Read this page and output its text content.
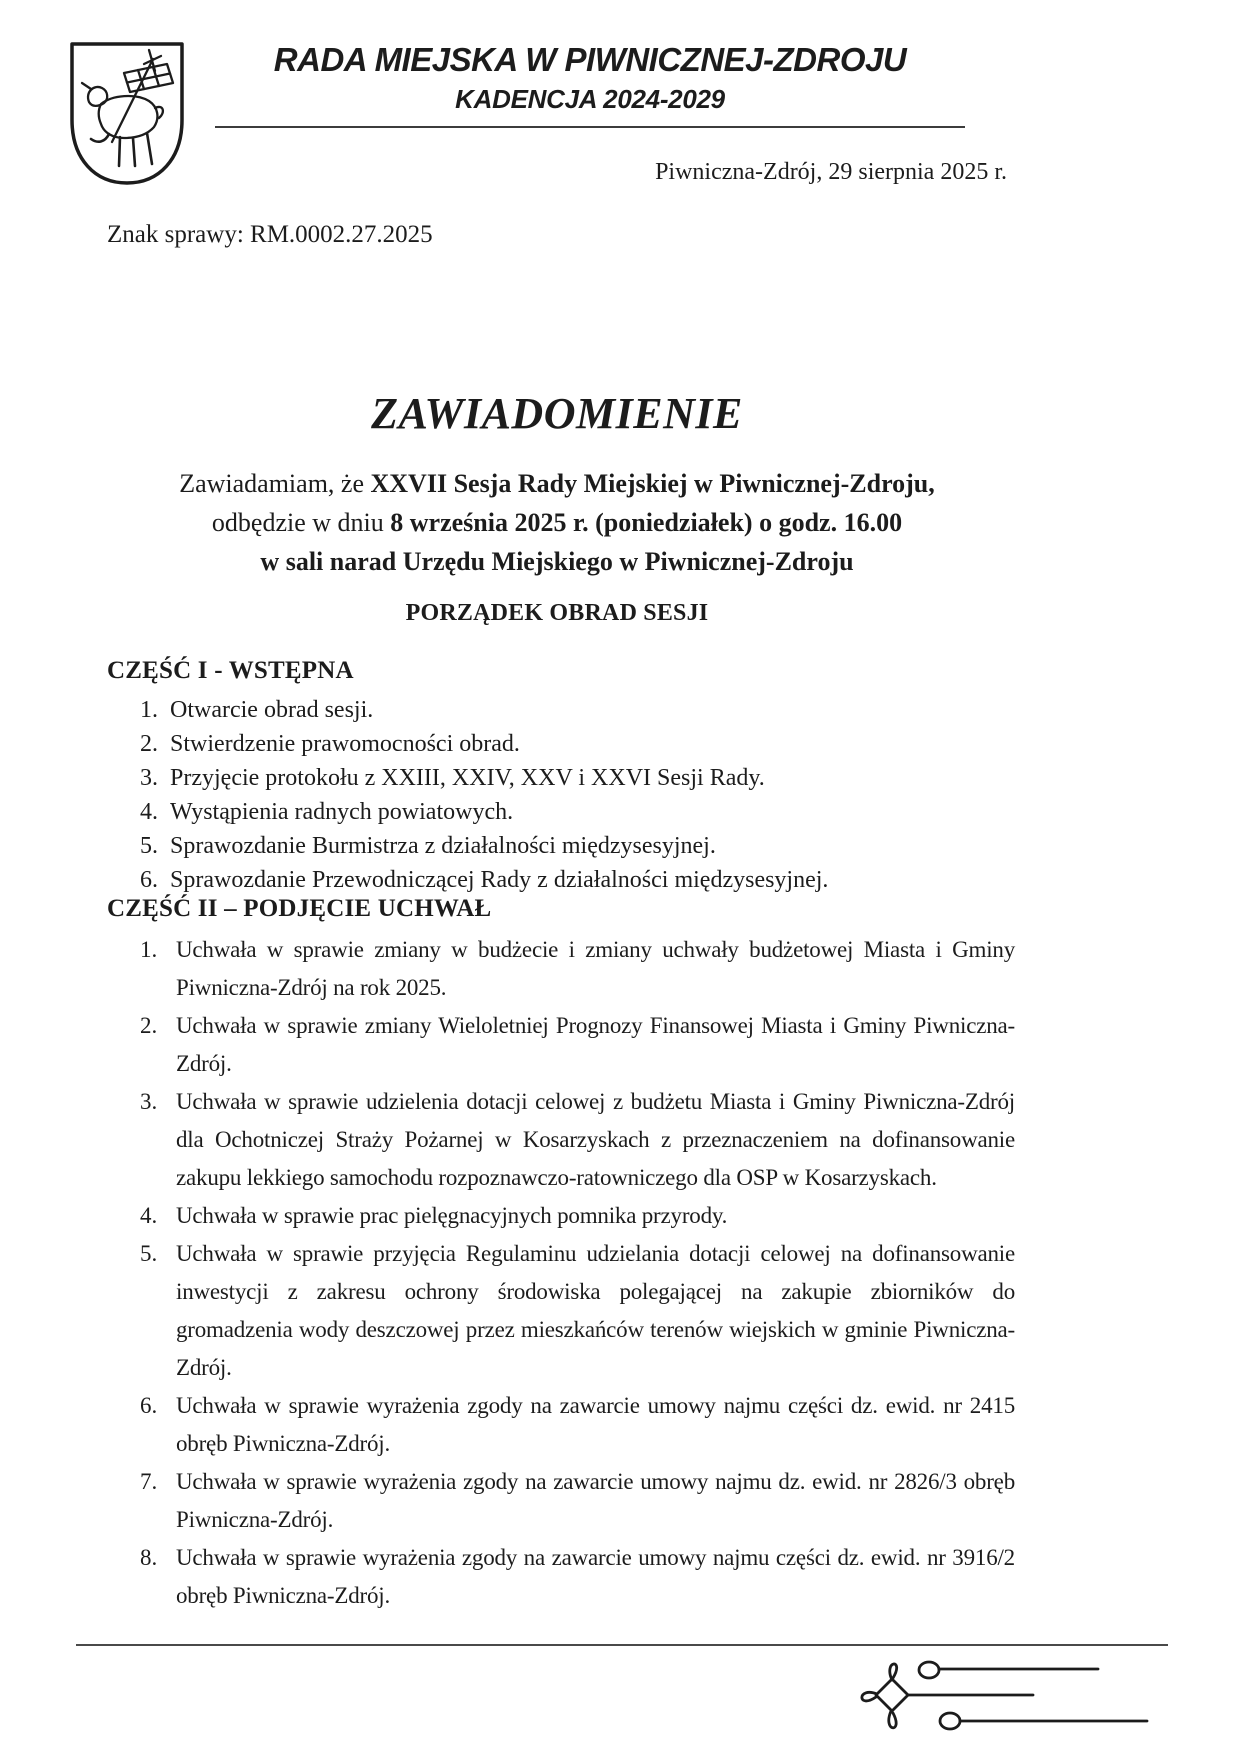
RADA MIEJSKA W PIWNICZNEJ-ZDROJU
KADENCJA 2024-2029
Piwniczna-Zdrój, 29 sierpnia 2025 r.
Znak sprawy: RM.0002.27.2025
ZAWIADOMIENIE
Zawiadamiam, że XXVII Sesja Rady Miejskiej w Piwnicznej-Zdroju,
odbędzie w dniu 8 września 2025 r. (poniedziałek) o godz. 16.00
w sali narad Urzędu Miejskiego w Piwnicznej-Zdroju
PORZĄDEK OBRAD SESJI
CZĘŚĆ I - WSTĘPNA
1. Otwarcie obrad sesji.
2. Stwierdzenie prawomocności obrad.
3. Przyjęcie protokołu z XXIII, XXIV, XXV i XXVI Sesji Rady.
4. Wystąpienia radnych powiatowych.
5. Sprawozdanie Burmistrza z działalności międzysesyjnej.
6. Sprawozdanie Przewodniczącej Rady z działalności międzysesyjnej.
CZĘŚĆ II – PODJĘCIE UCHWAŁ
1. Uchwała w sprawie zmiany w budżecie i zmiany uchwały budżetowej Miasta i Gminy Piwniczna-Zdrój na rok 2025.
2. Uchwała w sprawie zmiany Wieloletniej Prognozy Finansowej Miasta i Gminy Piwniczna-Zdrój.
3. Uchwała w sprawie udzielenia dotacji celowej z budżetu Miasta i Gminy Piwniczna-Zdrój dla Ochotniczej Straży Pożarnej w Kosarzyskach z przeznaczeniem na dofinansowanie zakupu lekkiego samochodu rozpoznawczo-ratowniczego dla OSP w Kosarzyskach.
4. Uchwała w sprawie prac pielęgnacyjnych pomnika przyrody.
5. Uchwała w sprawie przyjęcia Regulaminu udzielania dotacji celowej na dofinansowanie inwestycji z zakresu ochrony środowiska polegającej na zakupie zbiorników do gromadzenia wody deszczowej przez mieszkańców terenów wiejskich w gminie Piwniczna-Zdrój.
6. Uchwała w sprawie wyrażenia zgody na zawarcie umowy najmu części dz. ewid. nr 2415 obręb Piwniczna-Zdrój.
7. Uchwała w sprawie wyrażenia zgody na zawarcie umowy najmu dz. ewid. nr 2826/3 obręb Piwniczna-Zdrój.
8. Uchwała w sprawie wyrażenia zgody na zawarcie umowy najmu części dz. ewid. nr 3916/2 obręb Piwniczna-Zdrój.
